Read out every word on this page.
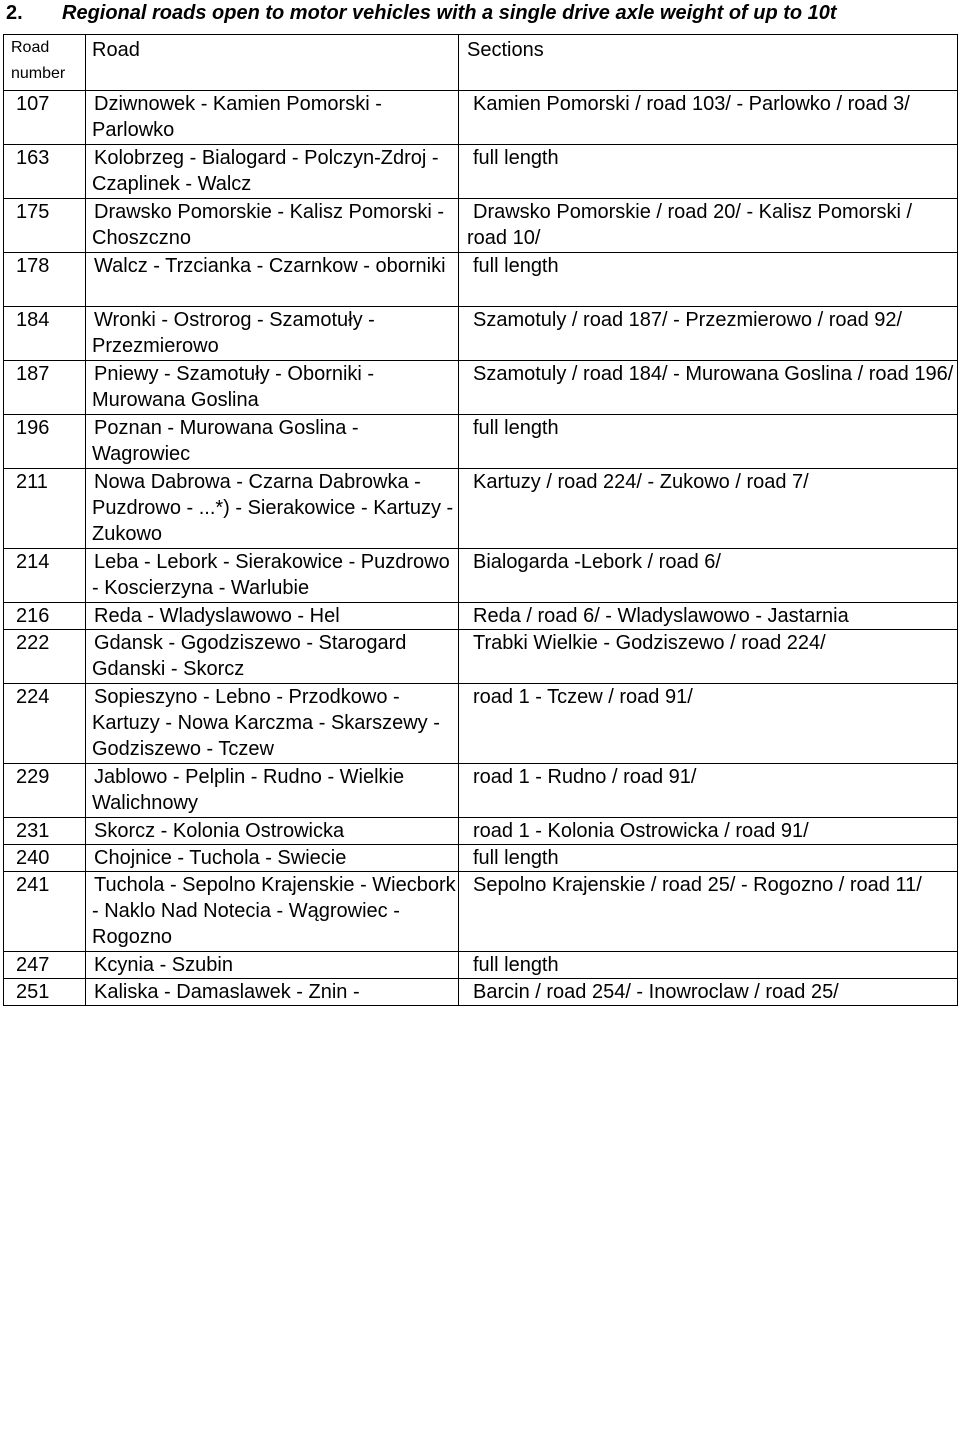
2. Regional roads open to motor vehicles with a single drive axle weight of up to 10t
Road number	Road	Sections
107	Dziwnowek - Kamien Pomorski - Parlowko	Kamien Pomorski / road 103/ - Parlowko / road 3/
163	Kolobrzeg - Bialogard - Polczyn-Zdroj - Czaplinek - Walcz	full length
175	Drawsko Pomorskie - Kalisz Pomorski - Choszczno	Drawsko Pomorskie / road 20/ - Kalisz Pomorski / road 10/
178	Walcz - Trzcianka - Czarnkow - oborniki	full length
184	Wronki - Ostrorog - Szamotuły - Przezmierowo	Szamotuly / road 187/ - Przezmierowo / road 92/
187	Pniewy - Szamotuły - Oborniki - Murowana Goslina	Szamotuly / road 184/ - Murowana Goslina / road 196/
196	Poznan - Murowana Goslina - Wagrowiec	full length
211	Nowa Dabrowa - Czarna Dabrowka - Puzdrowo - ...*) - Sierakowice - Kartuzy - Zukowo	Kartuzy / road 224/ - Zukowo / road 7/
214	Leba - Lebork - Sierakowice - Puzdrowo - Koscierzyna - Warlubie	Bialogarda -Lebork / road 6/
216	Reda - Wladyslawowo - Hel	Reda / road 6/ - Wladyslawowo - Jastarnia
222	Gdansk - Ggodziszewo - Starogard Gdanski - Skorcz	Trabki Wielkie - Godziszewo / road 224/
224	Sopieszyno - Lebno - Przodkowo - Kartuzy - Nowa Karczma - Skarszewy - Godziszewo - Tczew	road 1 - Tczew / road 91/
229	Jablowo - Pelplin - Rudno - Wielkie Walichnowy	road 1 - Rudno / road 91/
231	Skorcz - Kolonia Ostrowicka	road 1 - Kolonia Ostrowicka / road 91/
240	Chojnice - Tuchola - Swiecie	full length
241	Tuchola - Sepolno Krajenskie - Wiecbork - Naklo Nad Notecia - Wągrowiec - Rogozno	Sepolno Krajenskie / road 25/ - Rogozno / road 11/
247	Kcynia - Szubin	full length
251	Kaliska - Damaslawek - Znin -	Barcin / road 254/ - Inowroclaw / road 25/
